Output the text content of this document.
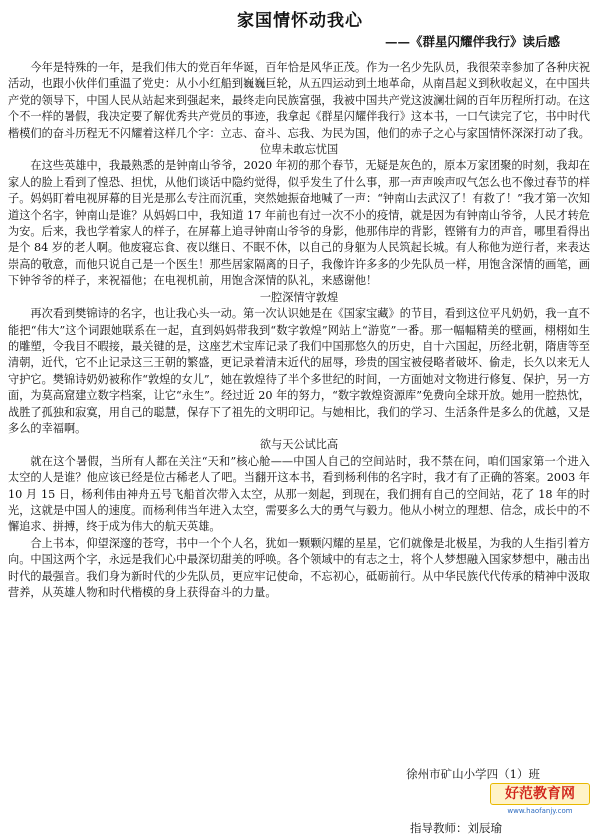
家国情怀动我心
——《群星闪耀伴我行》读后感

今年是特殊的一年，是我们伟大的党百年华诞，百年恰是风华正茂。作为一名少先队员，我很荣幸参加了各种庆祝活动，也跟小伙伴们重温了党史：从小小红船到巍巍巨轮，从五四运动到土地革命，从南昌起义到秋收起义，在中国共产党的领导下，中国人民从站起来到强起来，最终走向民族富强，我被中国共产党这波澜壮阔的百年历程所打动。在这个不一样的暑假，我决定要了解优秀共产党员的事迹，我拿起《群星闪耀伴我行》这本书，一口气读完了它，书中时代楷模们的奋斗历程无不闪耀着这样几个字：立志、奋斗、忘我、为民为国，他们的赤子之心与家国情怀深深打动了我。

位卑未敢忘忧国

在这些英雄中，我最熟悉的是钟南山爷爷，2020 年初的那个春节，无疑是灰色的，原本万家团聚的时刻，我却在家人的脸上看到了惶恐、担忧，从他们谈话中隐约觉得，似乎发生了什么事，那一声声唉声叹气怎么也不像过春节的样子。妈妈盯着电视屏幕的目光是那么专注而沉重，突然她振奋地喊了一声：“钟南山去武汉了！有救了！”我才第一次知道这个名字，钟南山是谁？从妈妈口中，我知道 17 年前也有过一次不小的疫情，就是因为有钟南山爷爷，人民才转危为安。后来，我也学着家人的样子，在屏幕上追寻钟南山爷爷的身影，他那伟岸的背影，铿锵有力的声音，哪里看得出是个 84 岁的老人啊。他废寝忘食、夜以继日、不眠不休，以自己的身躯为人民筑起长城。有人称他为逆行者，来表达崇高的敬意，而他只说自己是一个医生！那些居家隔离的日子，我像许许多多的少先队员一样，用饱含深情的画笔，画下钟爷爷的样子，来祝福他；在电视机前，用饱含深情的队礼，来感谢他！

一腔深情守敦煌

再次看到樊锦诗的名字，也让我心头一动。第一次认识她是在《国家宝藏》的节目，看到这位平凡奶奶，我一直不能把“伟大”这个词跟她联系在一起，直到妈妈带我到“数字敦煌”网站上“游览”一番。那一幅幅精美的壁画，栩栩如生的雕塑，令我目不暇接，最关键的是，这座艺术宝库记录了我们中国那悠久的历史，自十六国起，历经北朝，隋唐等至清朝，近代，它不止记录这三王朝的繁盛，更记录着清末近代的屈辱，珍贵的国宝被侵略者破坏、偷走，长久以来无人守护它。樊锦诗奶奶被称作“敦煌的女儿”，她在敦煌待了半个多世纪的时间，一方面她对文物进行修复、保护，另一方面，为莫高窟建立数字档案，让它“永生”。经过近 20 年的努力，“数字敦煌资源库”免费向全球开放。她用一腔热忱，战胜了孤独和寂寞，用自己的聪慧，保存下了祖先的文明印记。与她相比，我们的学习、生活条件是多么的优越，又是多么的幸福啊。

欲与天公试比高

就在这个暑假，当所有人都在关注“天和”核心舱——中国人自己的空间站时，我不禁在问，咱们国家第一个进入太空的人是谁？他应该已经是位古稀老人了吧。当翻开这本书，看到杨利伟的名字时，我才有了正确的答案。2003 年 10 月 15 日，杨利伟由神舟五号飞船首次带入太空，从那一刻起，到现在，我们拥有自己的空间站，花了 18 年的时光，这就是中国人的速度。而杨利伟当年进入太空，需要多么大的勇气与毅力。他从小树立的理想、信念，成长中的不懈追求、拼搏，终于成为伟大的航天英雄。

合上书本，仰望深邃的苍穹，书中一个个人名，犹如一颗颗闪耀的星星，它们就像是北极星，为我的人生指引着方向。中国这两个字，永远是我们心中最深切甜美的呼唤。各个领域中的有志之士，将个人梦想融入国家梦想中，融击出时代的最强音。我们身为新时代的少先队员，更应牢记使命，不忘初心，砥砺前行。从中华民族代代传承的精神中汲取营养，从英雄人物和时代楷模的身上获得奋斗的力量。

徐州市矿山小学四（1）班
指导教师：刘辰瑜
好范教育网
www.haofanjy.com
